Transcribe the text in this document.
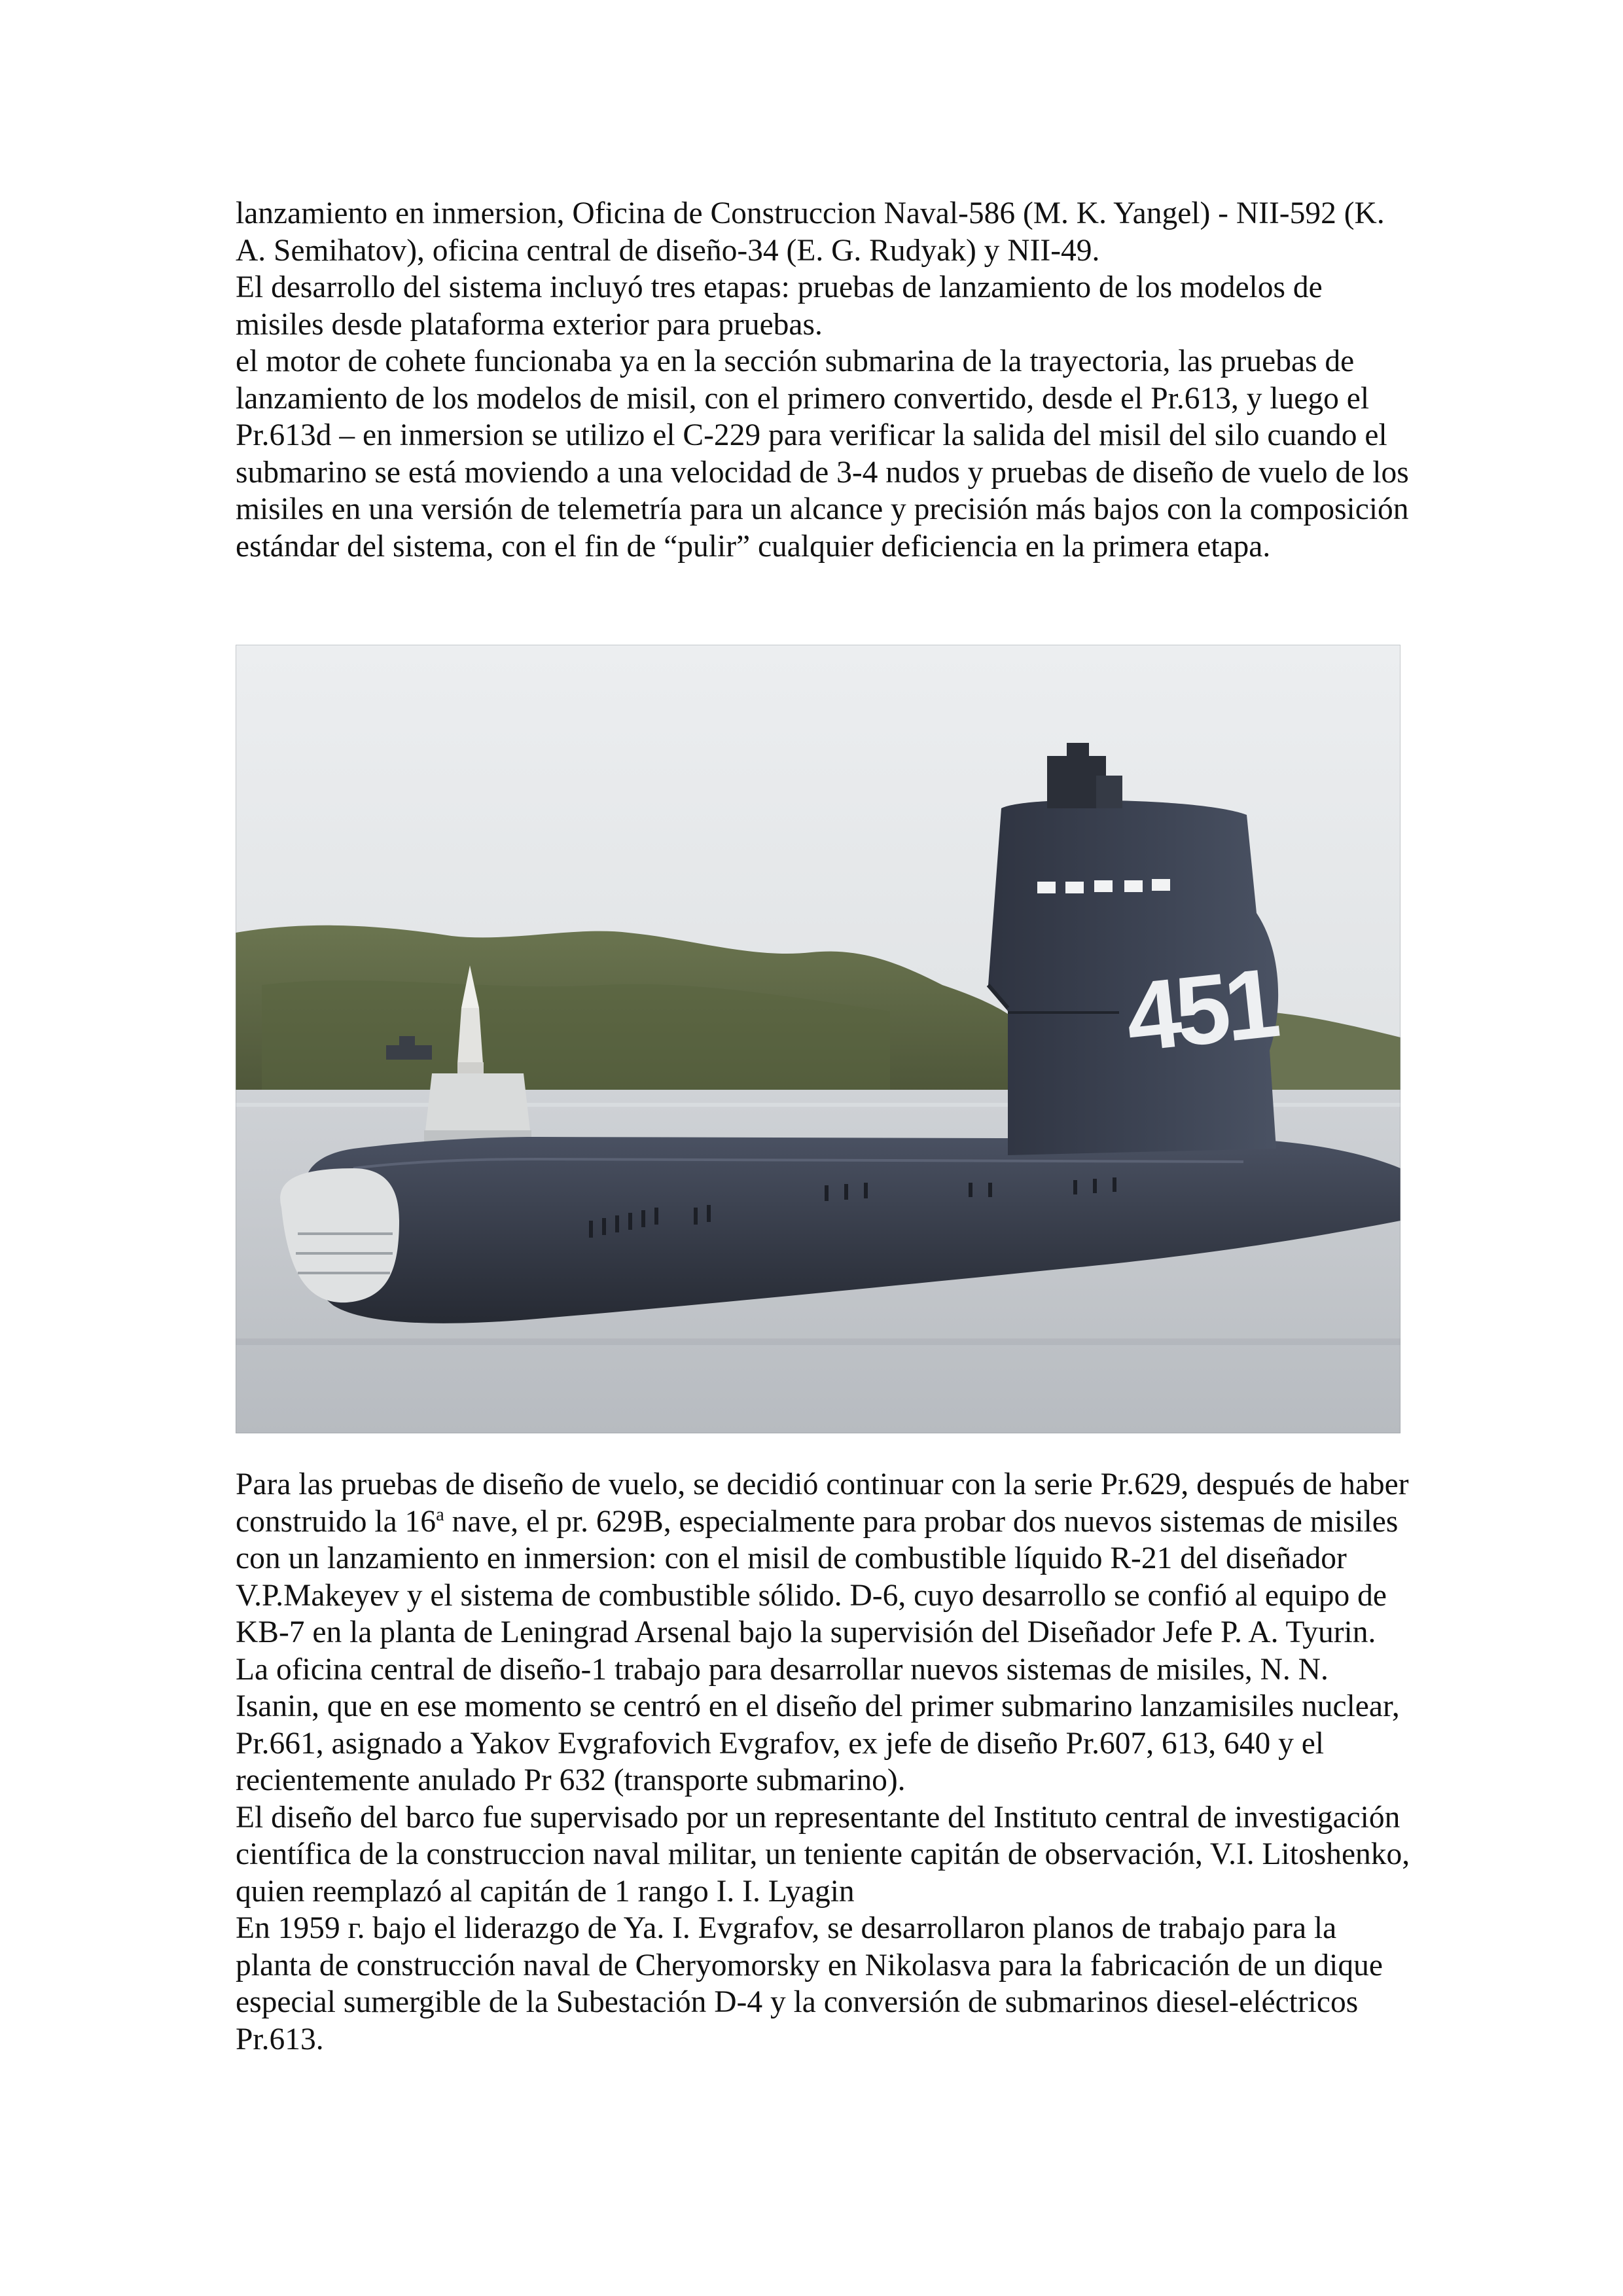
lanzamiento en inmersion, Oficina de Construccion Naval-586 (M. K. Yangel) - NII-592 (K. A. Semihatov), oficina central de diseño-34 (E. G. Rudyak) y NII-49.

El desarrollo del sistema incluyó tres etapas: pruebas de lanzamiento de los modelos de misiles desde plataforma exterior para pruebas.

el motor de cohete funcionaba ya en la sección submarina de la trayectoria, las pruebas de lanzamiento de los modelos de misil, con el primero convertido, desde el Pr.613, y luego el Pr.613d – en inmersion se utilizo el C-229 para verificar la salida del misil del silo cuando el submarino se está moviendo a una velocidad de 3-4 nudos y pruebas de diseño de vuelo de los misiles en una versión de telemetría para un alcance y precisión más bajos con la composición estándar del sistema, con el fin de “pulir” cualquier deficiencia en la primera etapa.

451

Para las pruebas de diseño de vuelo, se decidió continuar con la serie Pr.629, después de haber construido la 16$^a$ nave, el pr. 629B, especialmente para probar dos nuevos sistemas de misiles con un lanzamiento en inmersion: con el misil de combustible líquido R-21 del diseñador V.P.Makeyev y el sistema de combustible sólido. D-6, cuyo desarrollo se confió al equipo de KB-7 en la planta de Leningrad Arsenal bajo la supervisión del Diseñador Jefe P. A. Tyurin.

La oficina central de diseño-1 trabajo para desarrollar nuevos sistemas de misiles, N. N. Isanin, que en ese momento se centró en el diseño del primer submarino lanzamisiles nuclear, Pr.661, asignado a Yakov Evgrafovich Evgrafov, ex jefe de diseño Pr.607, 613, 640 y el recientemente anulado Pr 632 (transporte submarino).

El diseño del barco fue supervisado por un representante del Instituto central de investigación científica de la construccion naval militar, un teniente capitán de observación, V.I. Litoshenko, quien reemplazó al capitán de 1 rango I. I. Lyagin

En 1959 г. bajo el liderazgo de Ya. I. Evgrafov, se desarrollaron planos de trabajo para la planta de construcción naval de Cheryomorsky en Nikolasva para la fabricación de un dique especial sumergible de la Subestación D-4 y la conversión de submarinos diesel-eléctricos Pr.613.
